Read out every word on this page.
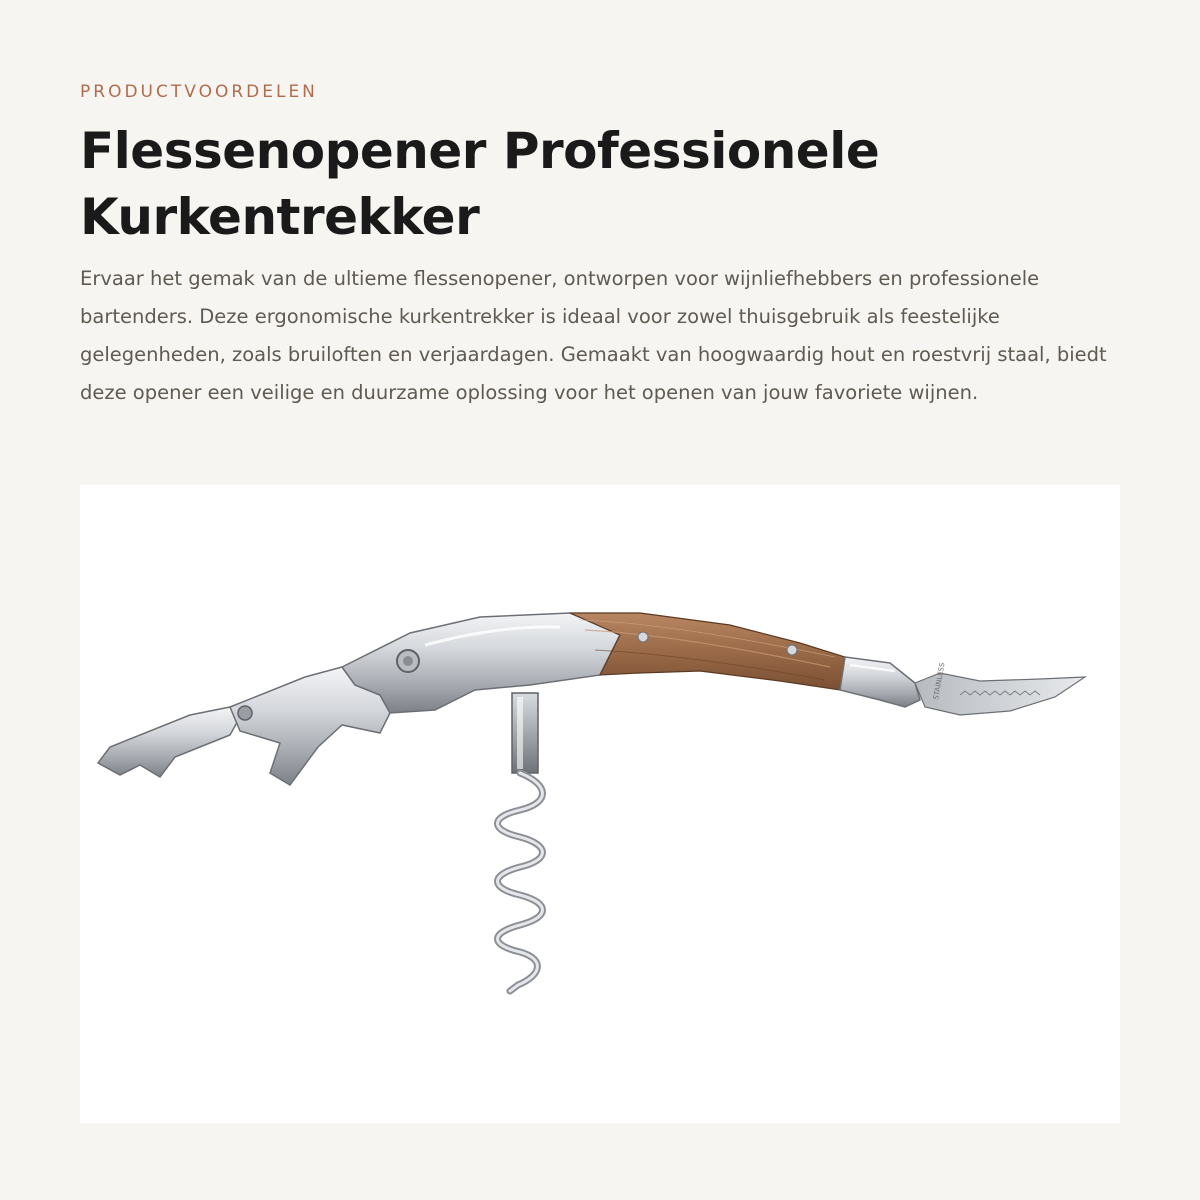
PRODUCTVOORDELEN

Flessenopener Professionele Kurkentrekker

Ervaar het gemak van de ultieme flessenopener, ontworpen voor wijnliefhebbers en professionele bartenders. Deze ergonomische kurkentrekker is ideaal voor zowel thuisgebruik als feestelijke gelegenheden, zoals bruiloften en verjaardagen. Gemaakt van hoogwaardig hout en roestvrij staal, biedt deze opener een veilige en duurzame oplossing voor het openen van jouw favoriete wijnen.

STAINLESS
